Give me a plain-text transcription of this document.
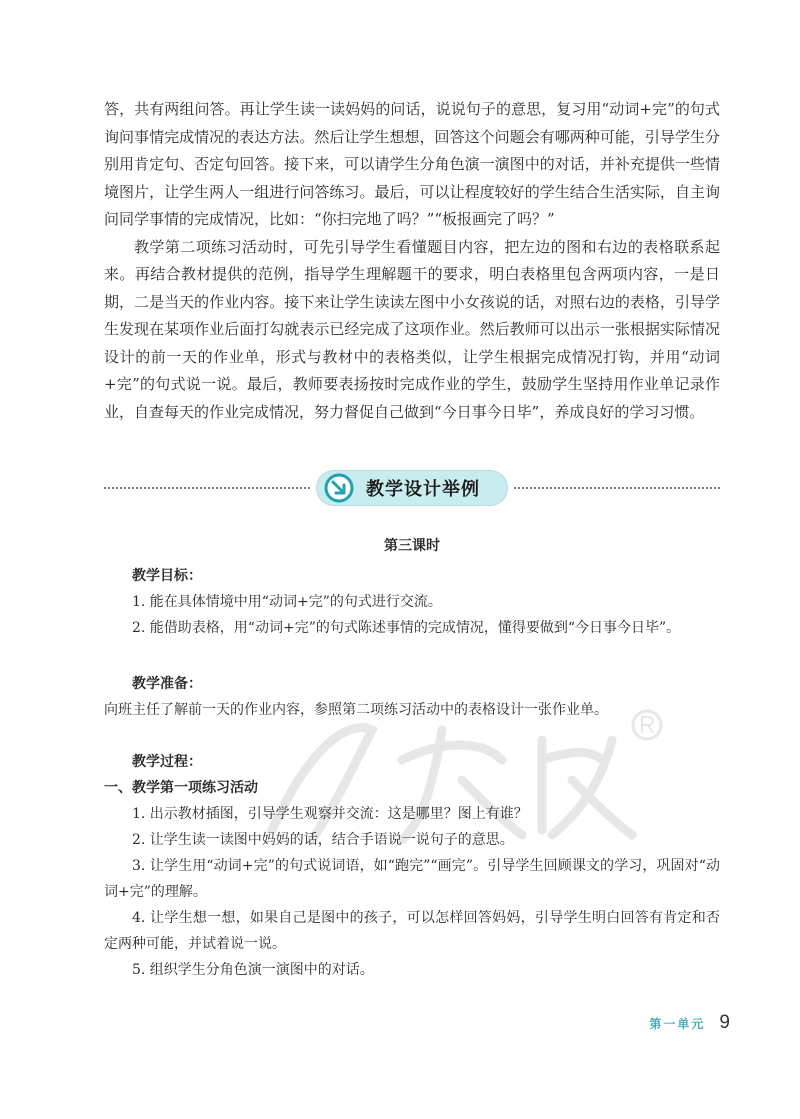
答，共有两组问答。再让学生读一读妈妈的问话，说说句子的意思，复习用“动词+完”的句式询问事情完成情况的表达方法。然后让学生想想，回答这个问题会有哪两种可能，引导学生分别用肯定句、否定句回答。接下来，可以请学生分角色演一演图中的对话，并补充提供一些情境图片，让学生两人一组进行问答练习。最后，可以让程度较好的学生结合生活实际，自主询问同学事情的完成情况，比如：“你扫完地了吗？”“板报画完了吗？”

教学第二项练习活动时，可先引导学生看懂题目内容，把左边的图和右边的表格联系起来。再结合教材提供的范例，指导学生理解题干的要求，明白表格里包含两项内容，一是日期，二是当天的作业内容。接下来让学生读读左图中小女孩说的话，对照右边的表格，引导学生发现在某项作业后面打勾就表示已经完成了这项作业。然后教师可以出示一张根据实际情况设计的前一天的作业单，形式与教材中的表格类似，让学生根据完成情况打钩，并用“动词+完”的句式说一说。最后，教师要表扬按时完成作业的学生，鼓励学生坚持用作业单记录作业，自查每天的作业完成情况，努力督促自己做到“今日事今日毕”，养成良好的学习习惯。

教学设计举例

第三课时

教学目标：

1. 能在具体情境中用“动词+完”的句式进行交流。

2. 能借助表格，用“动词+完”的句式陈述事情的完成情况，懂得要做到“今日事今日毕”。

教学准备：

向班主任了解前一天的作业内容，参照第二项练习活动中的表格设计一张作业单。

教学过程：

一、教学第一项练习活动

1. 出示教材插图，引导学生观察并交流：这是哪里？图上有谁？

2. 让学生读一读图中妈妈的话，结合手语说一说句子的意思。

3. 让学生用“动词+完”的句式说词语，如“跑完”“画完”。引导学生回顾课文的学习，巩固对“动词+完”的理解。

4. 让学生想一想，如果自己是图中的孩子，可以怎样回答妈妈，引导学生明白回答有肯定和否定两种可能，并试着说一说。

5. 组织学生分角色演一演图中的对话。

第一单元 9
